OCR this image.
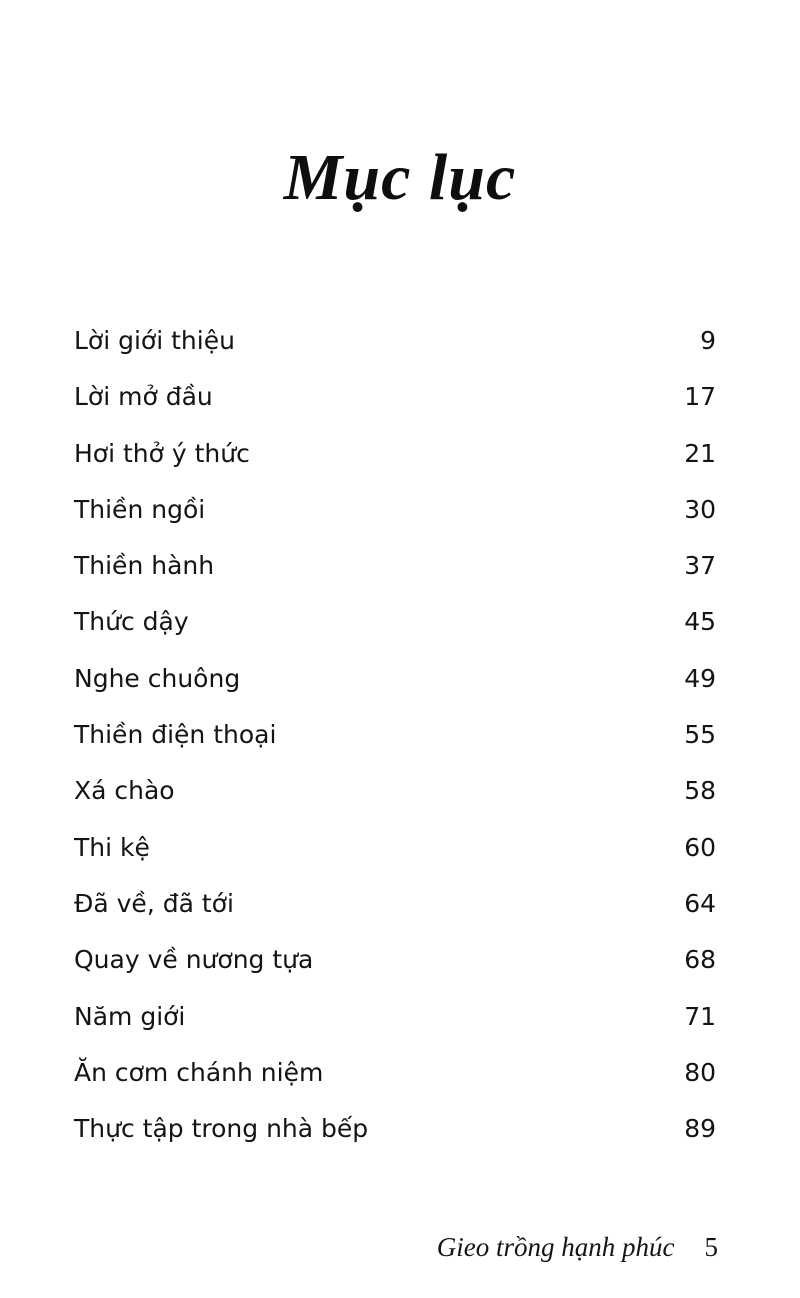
Mục lục
Lời giới thiệu	9
Lời mở đầu	17
Hơi thở ý thức	21
Thiền ngồi	30
Thiền hành	37
Thức dậy	45
Nghe chuông	49
Thiền điện thoại	55
Xá chào	58
Thi kệ	60
Đã về, đã tới	64
Quay về nương tựa	68
Năm giới	71
Ăn cơm chánh niệm	80
Thực tập trong nhà bếp	89
Gieo trồng hạnh phúc 5
